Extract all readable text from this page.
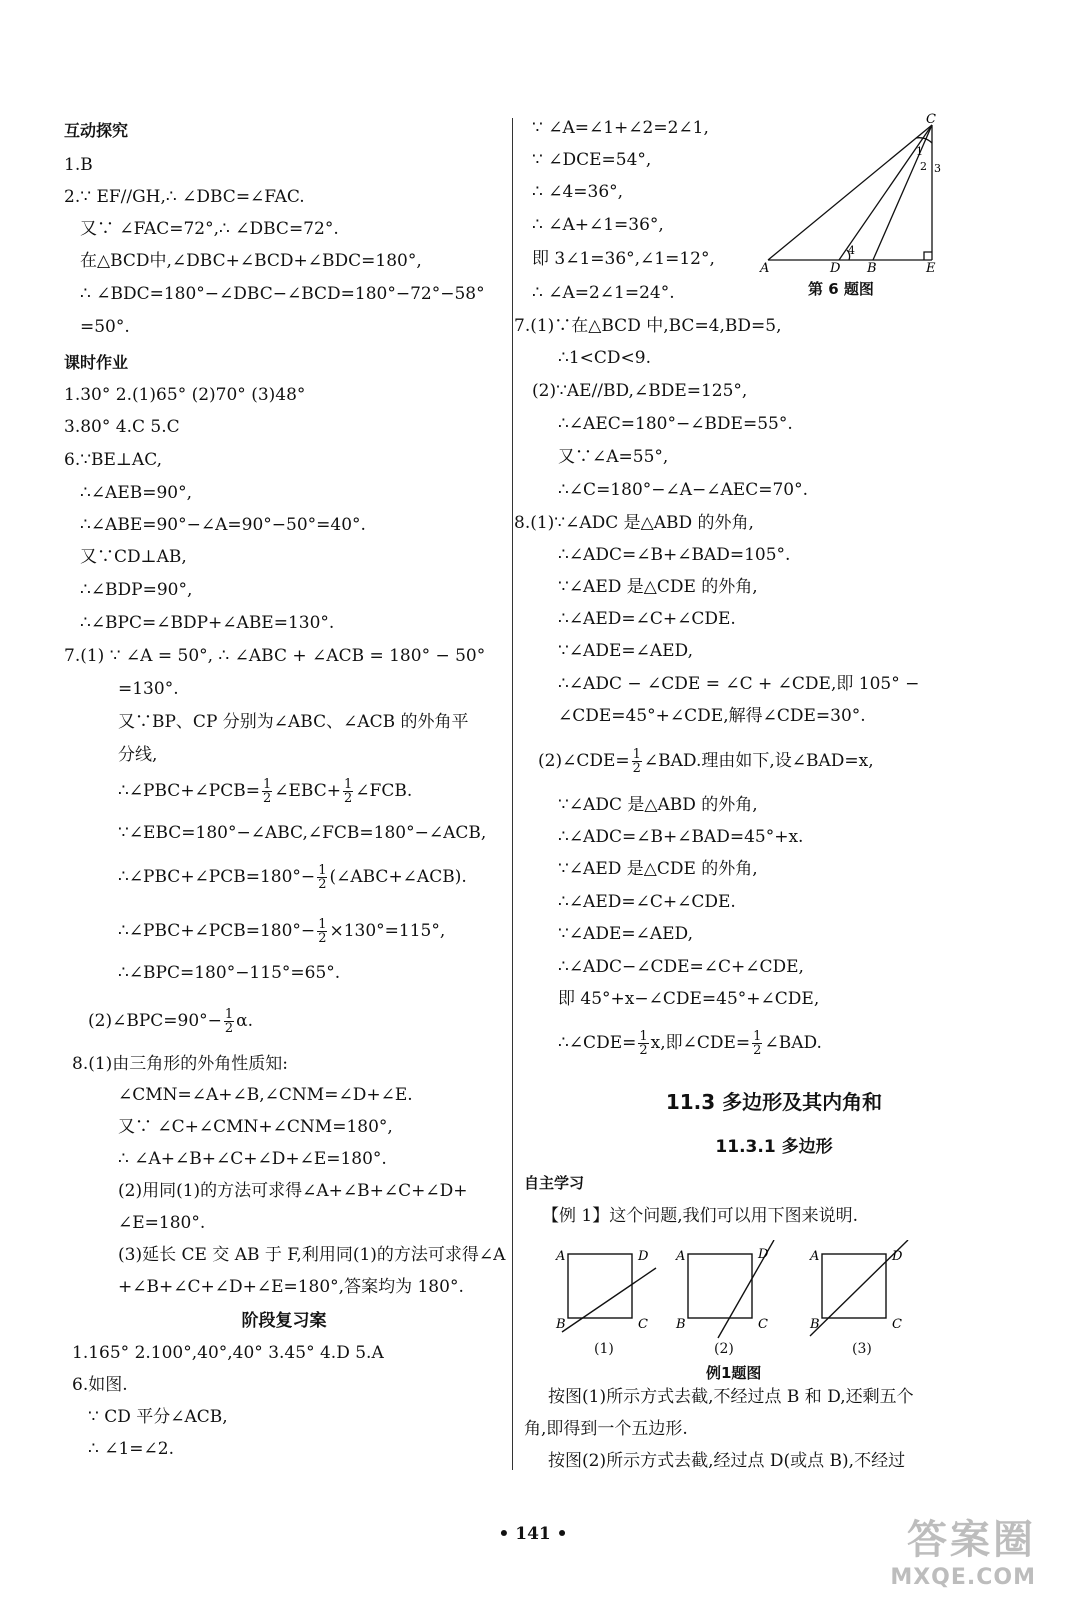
互动探究
1.B
2.∵ EF//GH,∴ ∠DBC=∠FAC.
又∵ ∠FAC=72°,∴ ∠DBC=72°.
在△BCD中,∠DBC+∠BCD+∠BDC=180°,
∴ ∠BDC=180°−∠DBC−∠BCD=180°−72°−58°
=50°.
课时作业
1.30° 2.(1)65° (2)70° (3)48°
3.80° 4.C 5.C
6.∵BE⊥AC,
∴∠AEB=90°,
∴∠ABE=90°−∠A=90°−50°=40°.
又∵CD⊥AB,
∴∠BDP=90°,
∴∠BPC=∠BDP+∠ABE=130°.
7.(1) ∵ ∠A = 50°, ∴ ∠ABC + ∠ACB = 180° − 50°
=130°.
又∵BP、CP 分别为∠ABC、∠ACB 的外角平
分线,
∴∠PBC+∠PCB= $\frac{1}{2}$ ∠EBC+ $\frac{1}{2}$ ∠FCB.
∵∠EBC=180°−∠ABC,∠FCB=180°−∠ACB,
∴∠PBC+∠PCB=180°− $\frac{1}{2}$ (∠ABC+∠ACB).
∴∠PBC+∠PCB=180°− $\frac{1}{2} \times 130^\circ=115^\circ$,
∴∠BPC=180°−115°=65°.
(2)∠BPC=90°− $\frac{1}{2} \alpha$.
8.(1)由三角形的外角性质知:
∠CMN=∠A+∠B,∠CNM=∠D+∠E.
又∵ ∠C+∠CMN+∠CNM=180°,
∴ ∠A+∠B+∠C+∠D+∠E=180°.
(2)用同(1)的方法可求得∠A+∠B+∠C+∠D+
∠E=180°.
(3)延长 CE 交 AB 于 F,利用同(1)的方法可求得∠A
+∠B+∠C+∠D+∠E=180°,答案均为 180°.
阶段复习案
1.165° 2.100°,40°,40° 3.45° 4.D 5.A
6.如图.
∵ CD 平分∠ACB,
∴ ∠1=∠2.
∵ ∠A=∠1+∠2=2∠1,
∵ ∠DCE=54°,
∴ ∠4=36°,
∴ ∠A+∠1=36°,
即 3∠1=36°,∠1=12°,
∴ ∠A=2∠1=24°.
C
1
2 3
4
A	D B	E
第 6 题图
7.(1)∵在△BCD 中,BC=4,BD=5,
∴1<CD<9.
(2)∵AE//BD,∠BDE=125°,
∴∠AEC=180°−∠BDE=55°.
又∵∠A=55°,
∴∠C=180°−∠A−∠AEC=70°.
8.(1)∵∠ADC 是△ABD 的外角,
∴∠ADC=∠B+∠BAD=105°.
∵∠AED 是△CDE 的外角,
∴∠AED=∠C+∠CDE.
∵∠ADE=∠AED,
∴∠ADC − ∠CDE = ∠C + ∠CDE,即 105° −
∠CDE=45°+∠CDE,解得∠CDE=30°.
(2)∠CDE= $\frac{1}{2}$ ∠BAD.理由如下,设∠BAD=x,
∵∠ADC 是△ABD 的外角,
∴∠ADC=∠B+∠BAD=45°+x.
∵∠AED 是△CDE 的外角,
∴∠AED=∠C+∠CDE.
∵∠ADE=∠AED,
∴∠ADC−∠CDE=∠C+∠CDE,
即 45°+x−∠CDE=45°+∠CDE,
∴∠CDE= $\frac{1}{2} x$,即∠CDE= $\frac{1}{2}$ ∠BAD.
11.3 多边形及其内角和
11.3.1 多边形
自主学习
【例 1】这个问题,我们可以用下图来说明.
A	D
B	C
A	D
B	C
A	D
B	C
(1)	(2)	(3)
例1题图
按图(1)所示方式去截,不经过点 B 和 D,还剩五个
角,即得到一个五边形.
按图(2)所示方式去截,经过点 D(或点 B),不经过
• 141 •	答案圈
MXQE.COM
